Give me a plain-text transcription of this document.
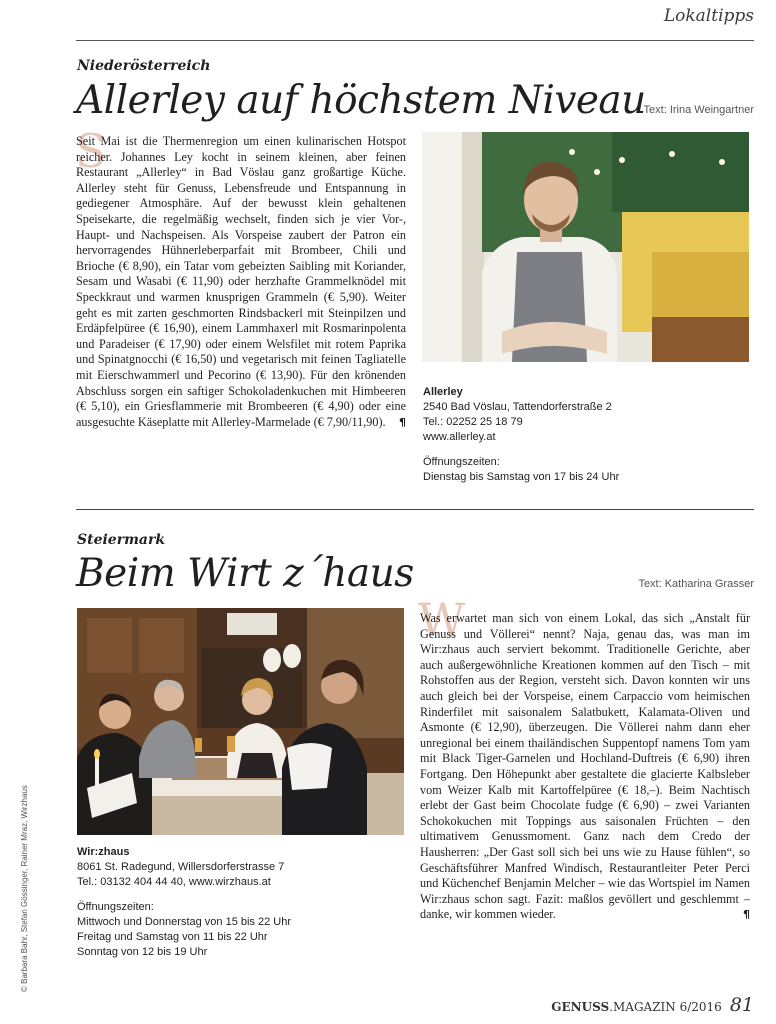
Lokaltipps
Niederösterreich
Allerley auf höchstem Niveau
Text: Irina Weingartner
S
Seit Mai ist die Thermenregion um einen kulinarischen Hotspot reicher. Johannes Ley kocht in seinem kleinen, aber feinen Restaurant „Allerley“ in Bad Vöslau ganz großartige Küche. Allerley steht für Genuss, Lebensfreude und Entspannung in gediegener Atmosphäre. Auf der bewusst klein gehaltenen Speisekarte, die regelmäßig wechselt, finden sich je vier Vor-, Haupt- und Nachspeisen. Als Vorspeise zaubert der Patron ein hervorragendes Hühnerleberparfait mit Brombeer, Chili und Brioche (€ 8,90), ein Tatar vom gebeizten Saibling mit Koriander, Sesam und Wasabi (€ 11,90) oder herzhafte Grammelknödel mit Speckkraut und warmen knusprigen Grammeln (€ 5,90). Weiter geht es mit zarten geschmorten Rindsbackerl mit Steinpilzen und Erdäpfelpüree (€ 16,90), einem Lammhaxerl mit Rosmarinpolenta und Paradeiser (€ 17,90) oder einem Welsfilet mit rotem Paprika und Spinatgnocchi (€ 16,50) und vegetarisch mit feinen Tagliatelle mit Eierschwammerl und Pecorino (€ 13,90). Für den krönenden Abschluss sorgen ein saftiger Schokoladenkuchen mit Himbeeren (€ 5,10), ein Griesflammerie mit Brombeeren (€ 4,90) oder eine ausgesuchte Käseplatte mit Allerley-Marmelade (€ 7,90/11,90). ¶
Allerley
2540 Bad Vöslau, Tattendorferstraße 2
Tel.: 02252 25 18 79
www.allerley.at
Öffnungszeiten:
Dienstag bis Samstag von 17 bis 24 Uhr
Steiermark
Beim Wirt z´haus	Text: Katharina Grasser
Wir:zhaus
8061 St. Radegund, Willersdorferstrasse 7
Tel.: 03132 404 44 40, www.wirzhaus.at
Öffnungszeiten:
Mittwoch und Donnerstag von 15 bis 22 Uhr
Freitag und Samstag von 11 bis 22 Uhr
Sonntag von 12 bis 19 Uhr
W
Was erwartet man sich von einem Lokal, das sich „Anstalt für Genuss und Völlerei“ nennt? Naja, genau das, was man im Wir:zhaus auch serviert bekommt. Traditionelle Gerichte, aber auch außergewöhnliche Kreationen kommen auf den Tisch – mit Rohstoffen aus der Region, versteht sich. Davon konnten wir uns auch gleich bei der Vorspeise, einem Carpaccio vom heimischen Rinderfilet mit saisonalem Salatbukett, Kalamata-Oliven und Asmonte (€ 12,90), überzeugen. Die Völlerei nahm dann eher unregional bei einem thailändischen Suppentopf namens Tom yam mit Black Tiger-Garnelen und Hochland-Duftreis (€ 6,90) ihren Fortgang. Den Höhepunkt aber gestaltete die glacierte Kalbsleber vom Weizer Kalb mit Kartoffelpüree (€ 18,–). Beim Nachtisch erlebt der Gast beim Chocolate fudge (€ 6,90) – zwei Varianten Schokokuchen mit Toppings aus saisonalen Früchten – den ultimativem Genussmoment. Ganz nach dem Credo der Hausherren: „Der Gast soll sich bei uns wie zu Hause fühlen“, so Geschäftsführer Manfred Windisch, Restaurantleiter Peter Perci und Küchenchef Benjamin Melcher – wie das Wortspiel im Namen Wir:zhaus schon sagt. Fazit: maßlos gevöllert und geschlemmt – danke, wir kommen wieder.	¶
© Barbara Bahr, Stefan Gössinger, Rainer Mraz, Wirzhaus
GENUSS.MAGAZIN 6/2016 81
